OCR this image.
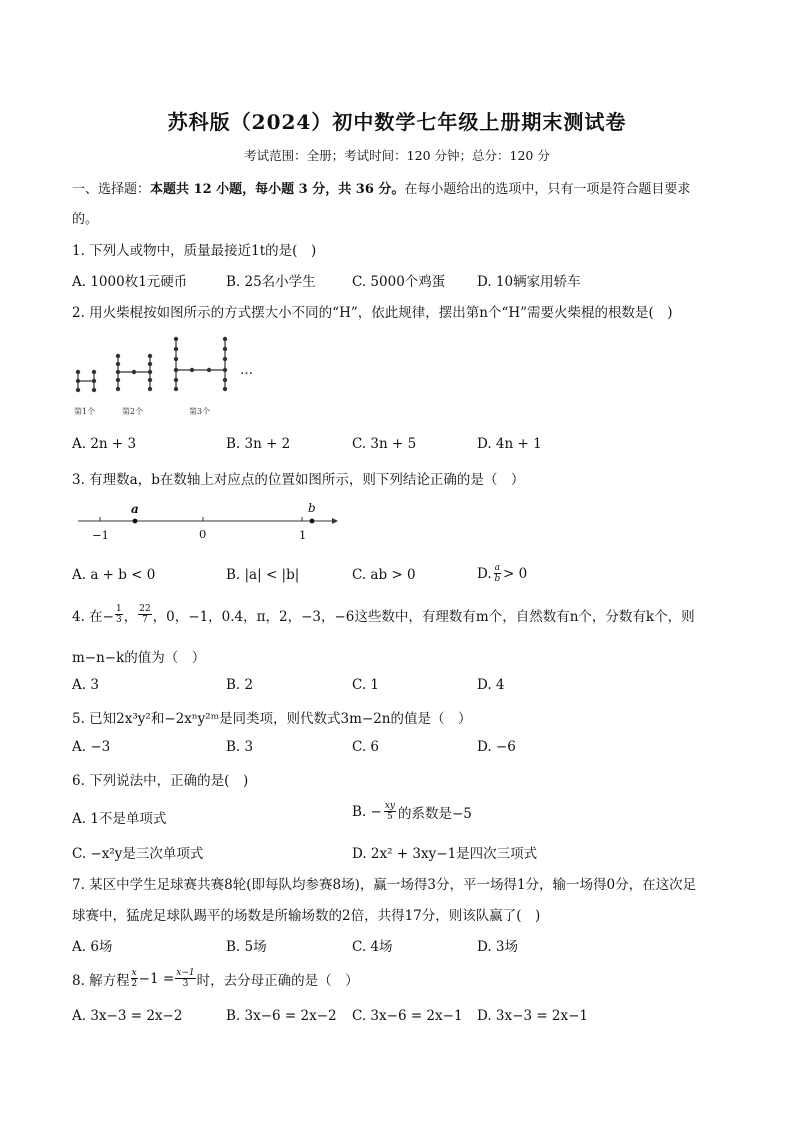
苏科版（2024）初中数学七年级上册期末测试卷
考试范围：全册；考试时间：120 分钟；总分：120 分
一、选择题：本题共 12 小题，每小题 3 分，共 36 分。在每小题给出的选项中，只有一项是符合题目要求
的。
1. 下列人或物中，质量最接近1t的是(　)
A. 1000枚1元硬币	B. 25名小学生	C. 5000个鸡蛋 D. 10辆家用轿车
2. 用火柴棍按如图所示的方式摆大小不同的“H”，依此规律，摆出第n个“H”需要火柴棍的根数是(　)
…
第1个	第2个	第3个
A. 2n + 3	B. 3n + 2	C. 3n + 5	D. 4n + 1
3. 有理数a，b在数轴上对应点的位置如图所示，则下列结论正确的是（　）
a	b
−1	0	1
A. a + b < 0	B. |a| < |b|	C. ab > 0	D. $\frac{a}{b} > 0$
4. 在− $\frac{1}{3}$ ， $\frac{22}{7}$ ，0，−1，0.4，π，2，−3，−6这些数中，有理数有m个，自然数有n个，分数有k个，则
m−n−k的值为（　）
A. 3	B. 2	C. 1	D. 4
5. 已知2x³y²和−2xⁿy²ᵐ是同类项，则代数式3m−2n的值是（　）
A. −3	B. 3	C. 6	D. −6
6. 下列说法中，正确的是(　)
A. 1不是单项式	B. − $\frac{xy}{5}$ 的系数是−5
C. −x²y是三次单项式	D. 2x² + 3xy−1是四次三项式
7. 某区中学生足球赛共赛8轮(即每队均参赛8场)，赢一场得3分，平一场得1分，输一场得0分，在这次足
球赛中，猛虎足球队踢平的场数是所输场数的2倍，共得17分，则该队赢了(　)
A. 6场	B. 5场	C. 4场	D. 3场
8. 解方程 $\frac{x}{2} -1 = \frac{x-1}{3}$ 时，去分母正确的是（　）
A. 3x−3 = 2x−2	B. 3x−6 = 2x−2 C. 3x−6 = 2x−1 D. 3x−3 = 2x−1
